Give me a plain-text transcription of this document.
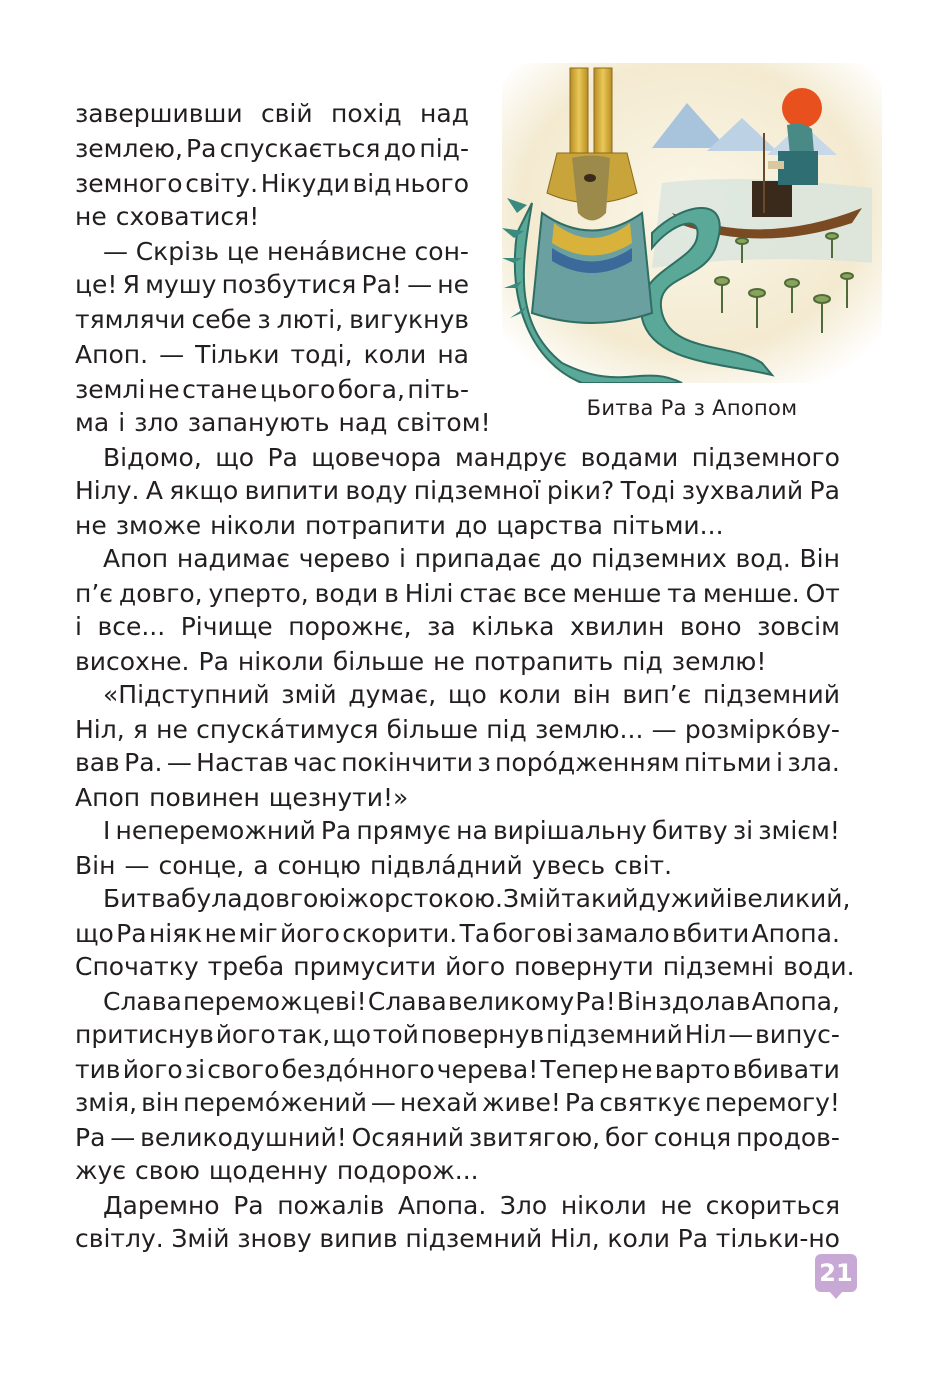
завершивши свій похід над
землею, Ра спускається до під-
земного світу. Нікуди від нього
не сховатися!
— Скрізь це нена́висне сон-
це! Я мушу позбутися Ра! — не
тямлячи себе з люті, вигукнув
Апоп. — Тільки тоді, коли на
землі не стане цього бога, піть-
ма і зло запанують над світом!
Відомо, що Ра щовечора мандрує водами підземного
Нілу. А якщо випити воду підземної ріки? Тоді зухвалий Ра
не зможе ніколи потрапити до царства пітьми...
Апоп надимає черево і припадає до підземних вод. Він
п’є довго, уперто, води в Нілі стає все менше та менше. От
і все... Річище порожнє, за кілька хвилин воно зовсім
висохне. Ра ніколи більше не потрапить під землю!
«Підступний змій думає, що коли він вип’є підземний
Ніл, я не спуска́тимуся більше під землю... — розмірко́ву-
вав Ра. — Настав час покінчити з поро́дженням пітьми і зла.
Апоп повинен щезнути!»
І непереможний Ра прямує на вирішальну битву зі змієм!
Він — сонце, а сонцю підвла́дний увесь світ.
Битва була довгою і жорстокою. Змій такий дужий і великий,
що Ра ніяк не міг його скорити. Та богові замало вбити Апопа.
Спочатку треба примусити його повернути підземні води.
Слава переможцеві! Слава великому Ра! Він здолав Апопа,
притиснув його так, що той повернув підземний Ніл — випус-
тив його зі свого бездо́нного черева! Тепер не варто вбивати
змія, він перемо́жений — нехай живе! Ра святкує перемогу!
Ра — великодушний! Осяяний звитягою, бог сонця продов-
жує свою щоденну подорож...
Даремно Ра пожалів Апопа. Зло ніколи не скориться
світлу. Змій знову випив підземний Ніл, коли Ра тільки-но
Битва Ра з Апопом
21
